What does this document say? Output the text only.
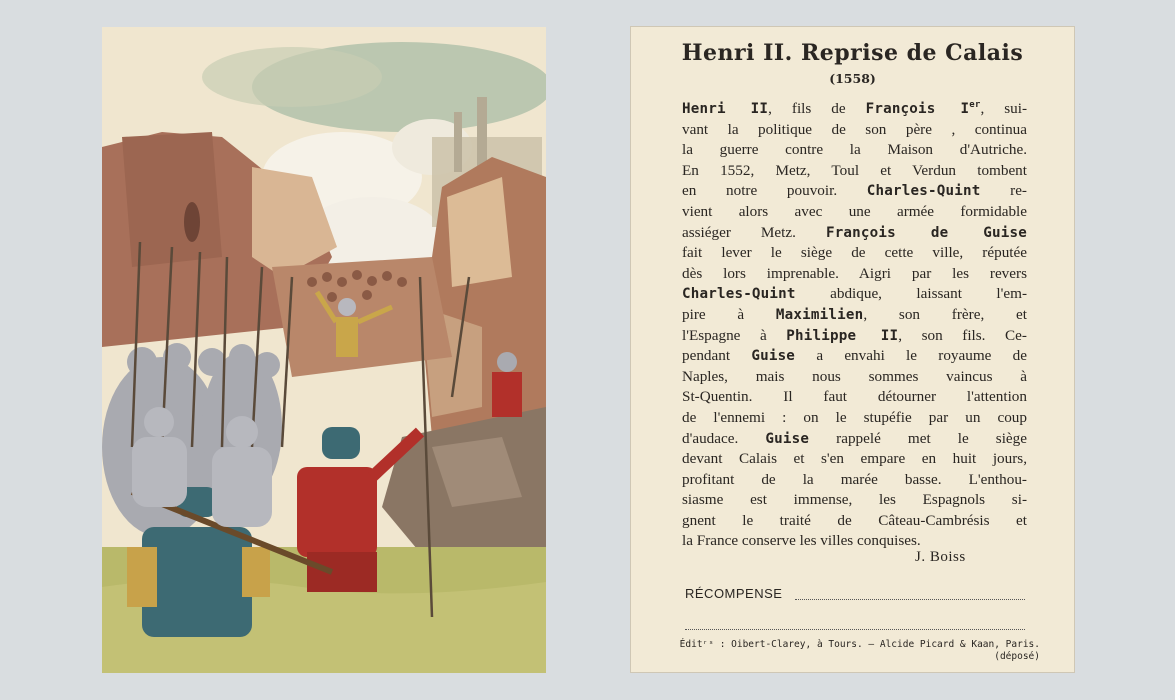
Henri II. Reprise de Calais
(1558)
Henri II, fils de François Ier, sui-
vant la politique de son père , continua
la guerre contre la Maison d'Autriche.
En 1552, Metz, Toul et Verdun tombent
en notre pouvoir. Charles-Quint re-
vient alors avec une armée formidable
assiéger Metz. François de Guise
fait lever le siège de cette ville, réputée
dès lors imprenable. Aigri par les revers
Charles-Quint abdique, laissant l'em-
pire à Maximilien, son frère, et
l'Espagne à Philippe II, son fils. Ce-
pendant Guise a envahi le royaume de
Naples, mais nous sommes vaincus à
St-Quentin. Il faut détourner l'attention
de l'ennemi : on le stupéfie par un coup
d'audace. Guise rappelé met le siège
devant Calais et s'en empare en huit jours,
profitant de la marée basse. L'enthou-
siasme est immense, les Espagnols si-
gnent le traité de Câteau-Cambrésis et
la France conserve les villes conquises.
J. Boiss
RÉCOMPENSE
Éditʳˢ : Oibert-Clarey, à Tours. — Alcide Picard & Kaan, Paris.
(déposé)
